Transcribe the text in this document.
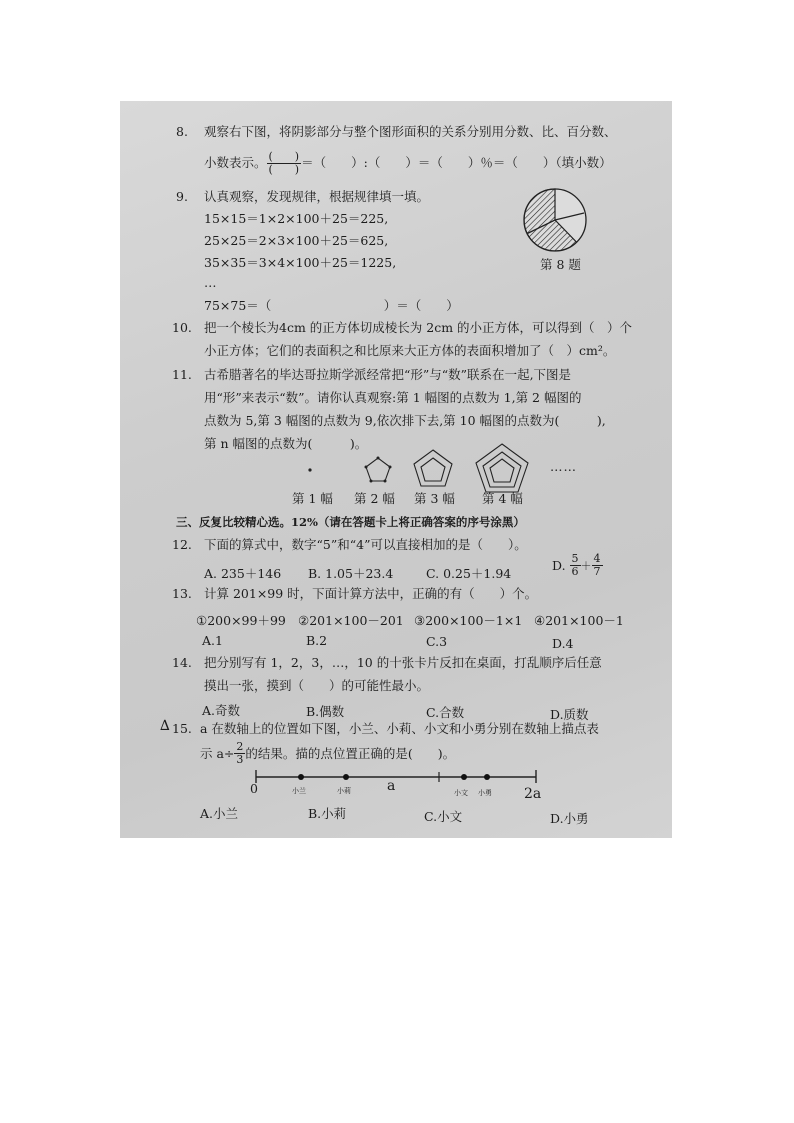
8. 观察右下图，将阴影部分与整个图形面积的关系分别用分数、比、百分数、
小数表示。 $\frac{( )}{( )}$ ＝（　　）:（　　）＝（　　）％＝（　　）（填小数）
第 8 题
9. 认真观察，发现规律，根据规律填一填。
15×15＝1×2×100＋25＝225,
25×25＝2×3×100＋25＝625,
35×35＝3×4×100＋25＝1225,
…
75×75＝（　　　　　　　　　）＝（　　）
10. 把一个棱长为4cm 的正方体切成棱长为 2cm 的小正方体，可以得到（　）个
小正方体；它们的表面积之和比原来大正方体的表面积增加了（　）cm²。
11. 古希腊著名的毕达哥拉斯学派经常把“形”与“数”联系在一起,下图是
用“形”来表示“数”。请你认真观察:第 1 幅图的点数为 1,第 2 幅图的
点数为 5,第 3 幅图的点数为 9,依次排下去,第 10 幅图的点数为(　　　),
第 n 幅图的点数为(　　　)。
……
第 1 幅 第 2 幅 第 3 幅 第 4 幅
三、反复比较精心选。12%（请在答题卡上将正确答案的序号涂黑）
12. 下面的算式中，数字“5”和“4”可以直接相加的是（　　）。
A. 235＋146 B. 1.05＋23.4	C. 0.25＋1.94
D. $\frac{5}{6} + \frac{4}{7}$
13. 计算 201×99 时，下面计算方法中，正确的有（　　）个。
①200×99＋99 ②201×100－201 ③200×100－1×1 ④201×100－1
A.1	B.2	C.3	D.4
14. 把分别写有 1，2，3，…，10 的十张卡片反扣在桌面，打乱顺序后任意
摸出一张，摸到（　　）的可能性最小。
A.奇数	B.偶数	C.合数	D.质数
∆ 15. a 在数轴上的位置如下图，小兰、小莉、小文和小勇分别在数轴上描点表
示 $a\div \frac{2}{3}$ 的结果。描的点位置正确的是(　　)。
0	a	2a
小兰	小莉	小文 小勇
A.小兰	B.小莉	C.小文	D.小勇
